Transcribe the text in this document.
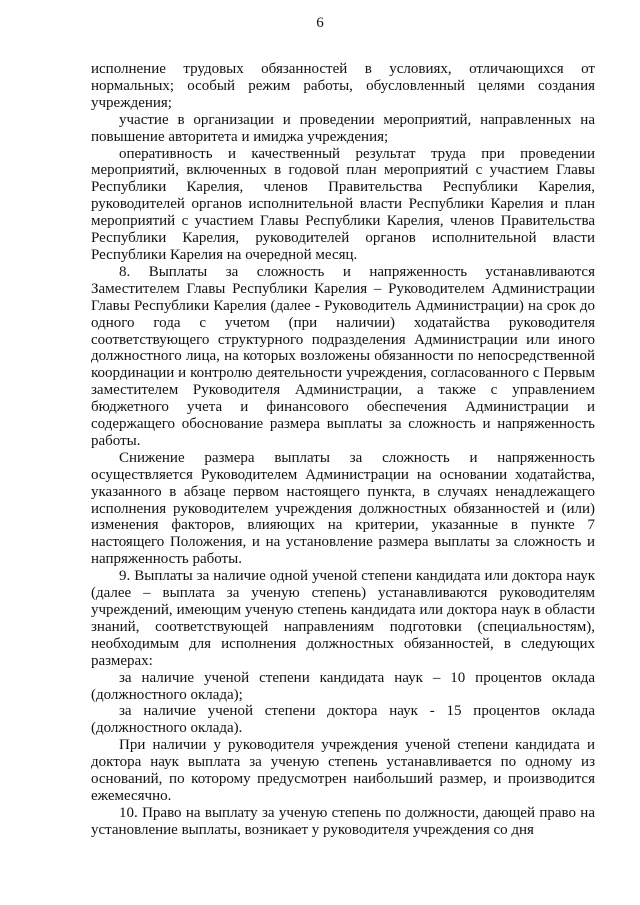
6

исполнение трудовых обязанностей в условиях, отличающихся от нормальных; особый режим работы, обусловленный целями создания учреждения;

участие в организации и проведении мероприятий, направленных на повышение авторитета и имиджа учреждения;

оперативность и качественный результат труда при проведении мероприятий, включенных в годовой план мероприятий с участием Главы Республики Карелия, членов Правительства Республики Карелия, руководителей органов исполнительной власти Республики Карелия и план мероприятий с участием Главы Республики Карелия, членов Правительства Республики Карелия, руководителей органов исполнительной власти Республики Карелия на очередной месяц.

8. Выплаты за сложность и напряженность устанавливаются Заместителем Главы Республики Карелия – Руководителем Администрации Главы Республики Карелия (далее - Руководитель Администрации) на срок до одного года с учетом (при наличии) ходатайства руководителя соответствующего структурного подразделения Администрации или иного должностного лица, на которых возложены обязанности по непосредственной координации и контролю деятельности учреждения, согласованного с Первым заместителем Руководителя Администрации, а также с управлением бюджетного учета и финансового обеспечения Администрации и содержащего обоснование размера выплаты за сложность и напряженность работы.

Снижение размера выплаты за сложность и напряженность осуществляется Руководителем Администрации на основании ходатайства, указанного в абзаце первом настоящего пункта, в случаях ненадлежащего исполнения руководителем учреждения должностных обязанностей и (или) изменения факторов, влияющих на критерии, указанные в пункте 7 настоящего Положения, и на установление размера выплаты за сложность и напряженность работы.

9. Выплаты за наличие одной ученой степени кандидата или доктора наук (далее – выплата за ученую степень) устанавливаются руководителям учреждений, имеющим ученую степень кандидата или доктора наук в области знаний, соответствующей направлениям подготовки (специальностям), необходимым для исполнения должностных обязанностей, в следующих размерах:

за наличие ученой степени кандидата наук – 10 процентов оклада (должностного оклада);

за наличие ученой степени доктора наук - 15 процентов оклада (должностного оклада).

При наличии у руководителя учреждения ученой степени кандидата и доктора наук выплата за ученую степень устанавливается по одному из оснований, по которому предусмотрен наибольший размер, и производится ежемесячно.

10. Право на выплату за ученую степень по должности, дающей право на установление выплаты, возникает у руководителя учреждения со дня
